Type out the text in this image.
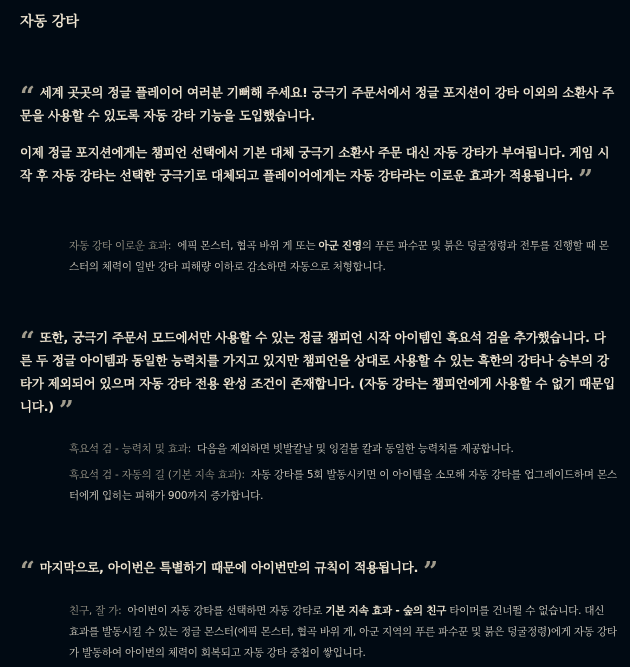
자동 강타

“ 세계 곳곳의 정글 플레이어 여러분 기뻐해 주세요! 궁극기 주문서에서 정글 포지션이 강타 이외의 소환사 주문을 사용할 수 있도록 자동 강타 기능을 도입했습니다.

이제 정글 포지션에게는 챔피언 선택에서 기본 대체 궁극기 소환사 주문 대신 자동 강타가 부여됩니다. 게임 시작 후 자동 강타는 선택한 궁극기로 대체되고 플레이어에게는 자동 강타라는 이로운 효과가 적용됩니다. ”

자동 강타 이로운 효과: 에픽 몬스터, 협곡 바위 게 또는 아군 진영의 푸른 파수꾼 및 붉은 덩굴정령과 전투를 진행할 때 몬스터의 체력이 일반 강타 피해량 이하로 감소하면 자동으로 처형합니다.

“ 또한, 궁극기 주문서 모드에서만 사용할 수 있는 정글 챔피언 시작 아이템인 흑요석 검을 추가했습니다. 다른 두 정글 아이템과 동일한 능력치를 가지고 있지만 챔피언을 상대로 사용할 수 있는 흑한의 강타나 승부의 강타가 제외되어 있으며 자동 강타 전용 완성 조건이 존재합니다. (자동 강타는 챔피언에게 사용할 수 없기 때문입니다.) ”

흑요석 검 - 능력치 및 효과: 다음을 제외하면 빗발칼날 및 잉걸불 칼과 동일한 능력치를 제공합니다.
흑요석 검 - 자동의 길 (기본 지속 효과): 자동 강타를 5회 발동시키면 이 아이템을 소모해 자동 강타를 업그레이드하며 몬스터에게 입히는 피해가 900까지 증가합니다.

“ 마지막으로, 아이번은 특별하기 때문에 아이번만의 규칙이 적용됩니다. ”

친구, 잘 가: 아이번이 자동 강타를 선택하면 자동 강타로 기본 지속 효과 - 숲의 친구 타이머를 건너뛸 수 없습니다. 대신 효과를 발동시킬 수 있는 정글 몬스터(에픽 몬스터, 협곡 바위 게, 아군 지역의 푸른 파수꾼 및 붉은 덩굴정령)에게 자동 강타가 발동하여 아이번의 체력이 회복되고 자동 강타 중첩이 쌓입니다.
